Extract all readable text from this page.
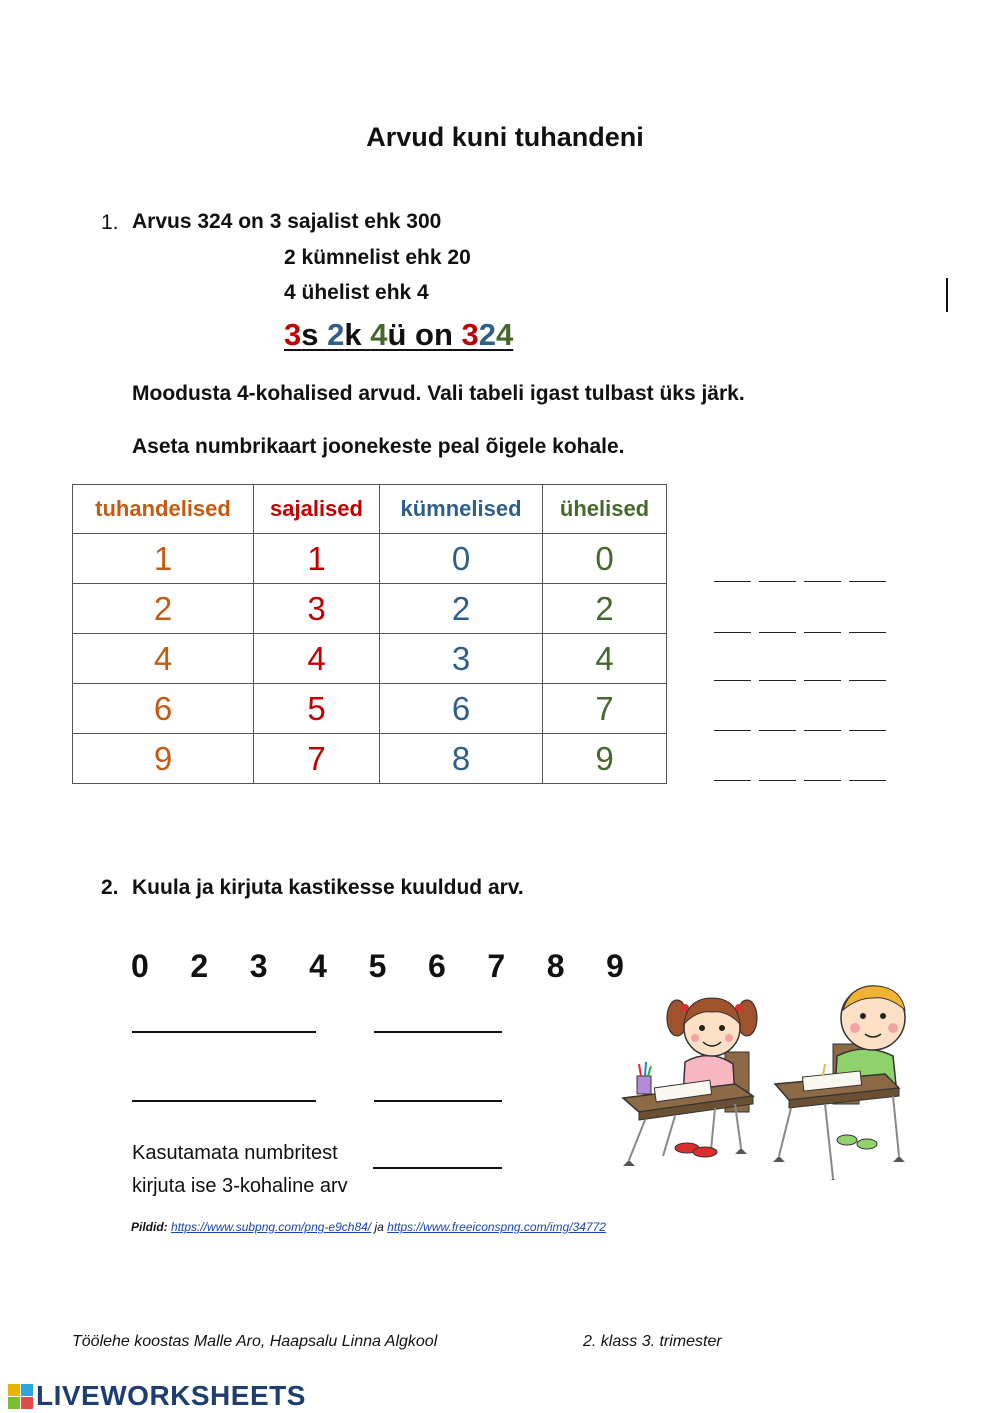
Arvud kuni tuhandeni
1. Arvus 324 on 3 sajalist ehk 300
2 kümnelist ehk 20
4 ühelist ehk 4
3s 2k 4ü on 324
Moodusta 4-kohalised arvud. Vali tabeli igast tulbast üks järk.
Aseta numbrikaart joonekeste peal õigele kohale.
tuhandelised	sajalised	kümnelised	ühelised
1	1	0	0
2	3	2	2
4	4	3	4
6	5	6	7
9	7	8	9
2. Kuula ja kirjuta kastikesse kuuldud arv.
0	2	3	4	5	6	7	8	9
Kasutamata numbritest
kirjuta ise 3-kohaline arv
Pildid: https://www.subpng.com/png-e9ch84/ ja https://www.freeiconspng.com/img/34772
Töölehe koostas Malle Aro, Haapsalu Linna Algkool	2. klass 3. trimester
LIVEWORKSHEETS
